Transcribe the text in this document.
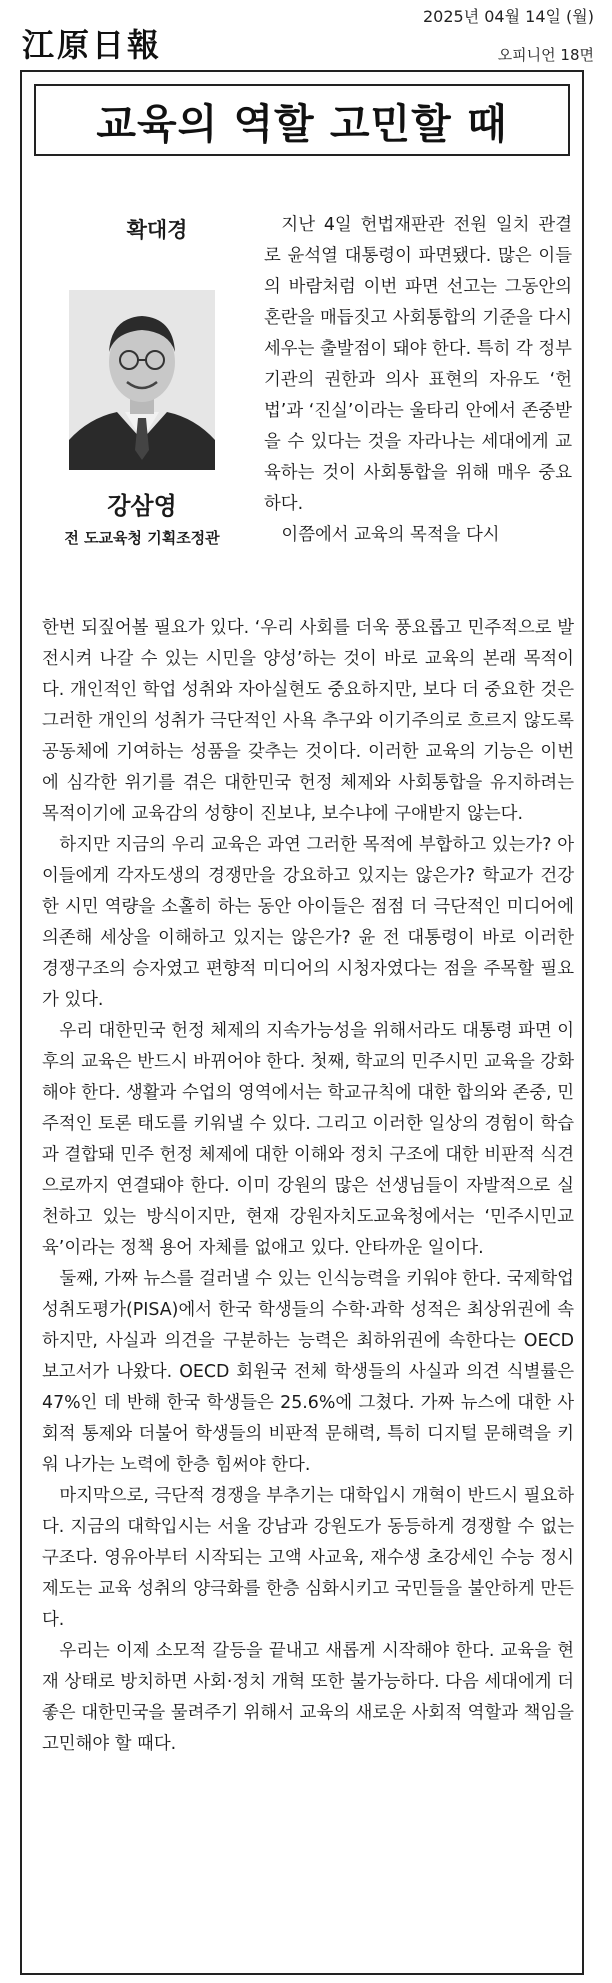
江原日報
2025년 04월 14일 (월)
오피니언 18면
교육의 역할 고민할 때
확대경
강삼영
전 도교육청 기획조정관

지난 4일 헌법재판관 전원 일치 관결로 윤석열 대통령이 파면됐다. 많은 이들의 바람처럼 이번 파면 선고는 그동안의 혼란을 매듭짓고 사회통합의 기준을 다시 세우는 출발점이 돼야 한다. 특히 각 정부기관의 권한과 의사 표현의 자유도 ‘헌법’과 ‘진실’이라는 울타리 안에서 존중받을 수 있다는 것을 자라나는 세대에게 교육하는 것이 사회통합을 위해 매우 중요하다.

이쯤에서 교육의 목적을 다시

한번 되짚어볼 필요가 있다. ‘우리 사회를 더욱 풍요롭고 민주적으로 발전시켜 나갈 수 있는 시민을 양성’하는 것이 바로 교육의 본래 목적이다. 개인적인 학업 성취와 자아실현도 중요하지만, 보다 더 중요한 것은 그러한 개인의 성취가 극단적인 사욕 추구와 이기주의로 흐르지 않도록 공동체에 기여하는 성품을 갖추는 것이다. 이러한 교육의 기능은 이번에 심각한 위기를 겪은 대한민국 헌정 체제와 사회통합을 유지하려는 목적이기에 교육감의 성향이 진보냐, 보수냐에 구애받지 않는다.

하지만 지금의 우리 교육은 과연 그러한 목적에 부합하고 있는가? 아이들에게 각자도생의 경쟁만을 강요하고 있지는 않은가? 학교가 건강한 시민 역량을 소홀히 하는 동안 아이들은 점점 더 극단적인 미디어에 의존해 세상을 이해하고 있지는 않은가? 윤 전 대통령이 바로 이러한 경쟁구조의 승자였고 편향적 미디어의 시청자였다는 점을 주목할 필요가 있다.

우리 대한민국 헌정 체제의 지속가능성을 위해서라도 대통령 파면 이후의 교육은 반드시 바뀌어야 한다. 첫째, 학교의 민주시민 교육을 강화해야 한다. 생활과 수업의 영역에서는 학교규칙에 대한 합의와 존중, 민주적인 토론 태도를 키워낼 수 있다. 그리고 이러한 일상의 경험이 학습과 결합돼 민주 헌정 체제에 대한 이해와 정치 구조에 대한 비판적 식견으로까지 연결돼야 한다. 이미 강원의 많은 선생님들이 자발적으로 실천하고 있는 방식이지만, 현재 강원자치도교육청에서는 ‘민주시민교육’이라는 정책 용어 자체를 없애고 있다. 안타까운 일이다.

둘째, 가짜 뉴스를 걸러낼 수 있는 인식능력을 키워야 한다. 국제학업성취도평가(PISA)에서 한국 학생들의 수학·과학 성적은 최상위권에 속하지만, 사실과 의견을 구분하는 능력은 최하위권에 속한다는 OECD 보고서가 나왔다. OECD 회원국 전체 학생들의 사실과 의견 식별률은 47%인 데 반해 한국 학생들은 25.6%에 그쳤다. 가짜 뉴스에 대한 사회적 통제와 더불어 학생들의 비판적 문해력, 특히 디지털 문해력을 키워 나가는 노력에 한층 힘써야 한다.

마지막으로, 극단적 경쟁을 부추기는 대학입시 개혁이 반드시 필요하다. 지금의 대학입시는 서울 강남과 강원도가 동등하게 경쟁할 수 없는 구조다. 영유아부터 시작되는 고액 사교육, 재수생 초강세인 수능 정시 제도는 교육 성취의 양극화를 한층 심화시키고 국민들을 불안하게 만든다.

우리는 이제 소모적 갈등을 끝내고 새롭게 시작해야 한다. 교육을 현재 상태로 방치하면 사회·정치 개혁 또한 불가능하다. 다음 세대에게 더 좋은 대한민국을 물려주기 위해서 교육의 새로운 사회적 역할과 책임을 고민해야 할 때다.
